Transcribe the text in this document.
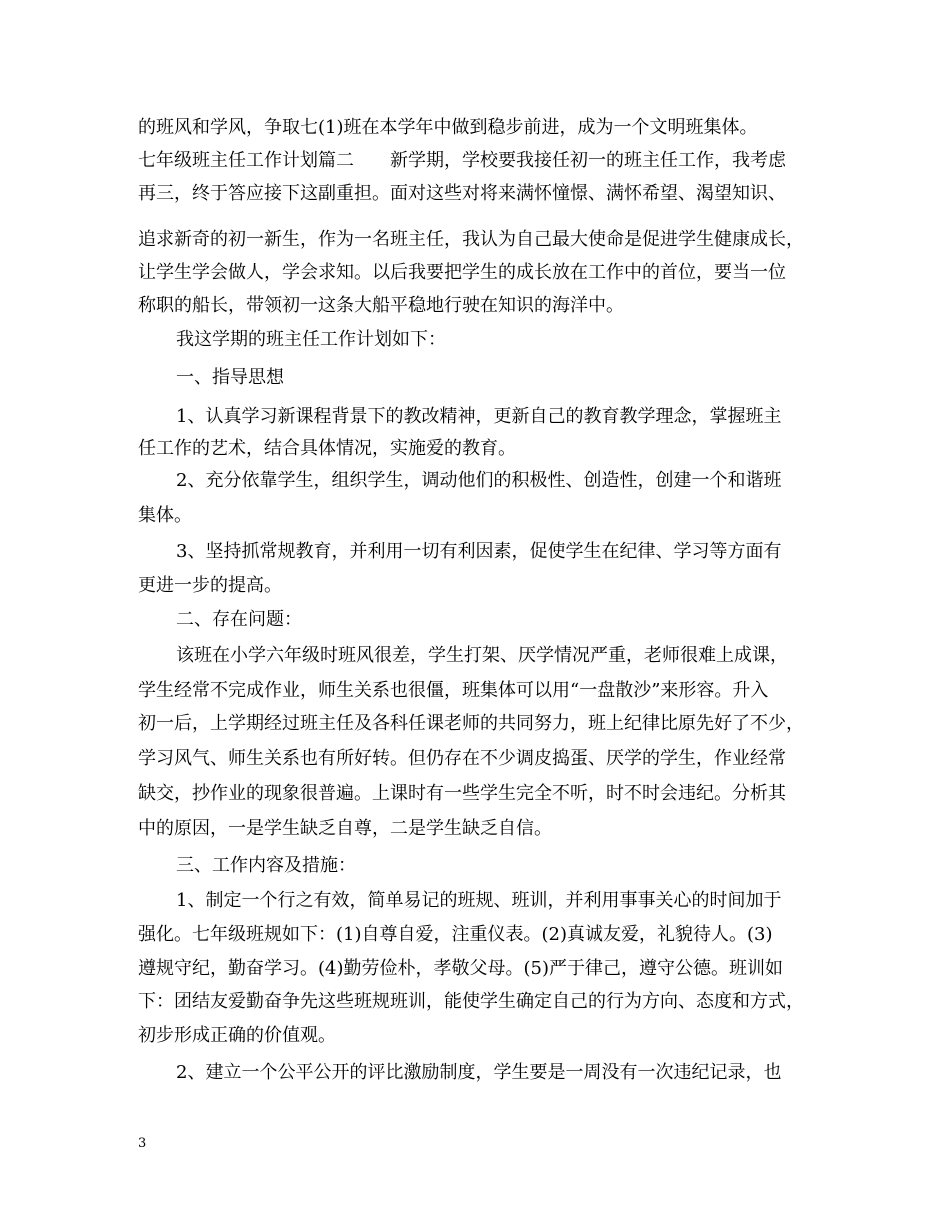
的班风和学风，争取七(1)班在本学年中做到稳步前进，成为一个文明班集体。
七年级班主任工作计划篇二　　新学期，学校要我接任初一的班主任工作，我考虑
再三，终于答应接下这副重担。面对这些对将来满怀憧憬、满怀希望、渴望知识、
追求新奇的初一新生，作为一名班主任，我认为自己最大使命是促进学生健康成长，
让学生学会做人，学会求知。以后我要把学生的成长放在工作中的首位，要当一位
称职的船长，带领初一这条大船平稳地行驶在知识的海洋中。
我这学期的班主任工作计划如下：
一、指导思想
1、认真学习新课程背景下的教改精神，更新自己的教育教学理念，掌握班主
任工作的艺术，结合具体情况，实施爱的教育。
2、充分依靠学生，组织学生，调动他们的积极性、创造性，创建一个和谐班
集体。
3、坚持抓常规教育，并利用一切有利因素，促使学生在纪律、学习等方面有
更进一步的提高。
二、存在问题：
该班在小学六年级时班风很差，学生打架、厌学情况严重，老师很难上成课，
学生经常不完成作业，师生关系也很僵，班集体可以用“一盘散沙”来形容。升入
初一后，上学期经过班主任及各科任课老师的共同努力，班上纪律比原先好了不少，
学习风气、师生关系也有所好转。但仍存在不少调皮捣蛋、厌学的学生，作业经常
缺交，抄作业的现象很普遍。上课时有一些学生完全不听，时不时会违纪。分析其
中的原因，一是学生缺乏自尊，二是学生缺乏自信。
三、工作内容及措施：
1、制定一个行之有效，简单易记的班规、班训，并利用事事关心的时间加于
强化。七年级班规如下：(1)自尊自爱，注重仪表。(2)真诚友爱，礼貌待人。(3)
遵规守纪，勤奋学习。(4)勤劳俭朴，孝敬父母。(5)严于律己，遵守公德。班训如
下：团结友爱勤奋争先这些班规班训，能使学生确定自己的行为方向、态度和方式，
初步形成正确的价值观。
2、建立一个公平公开的评比激励制度，学生要是一周没有一次违纪记录，也
3
